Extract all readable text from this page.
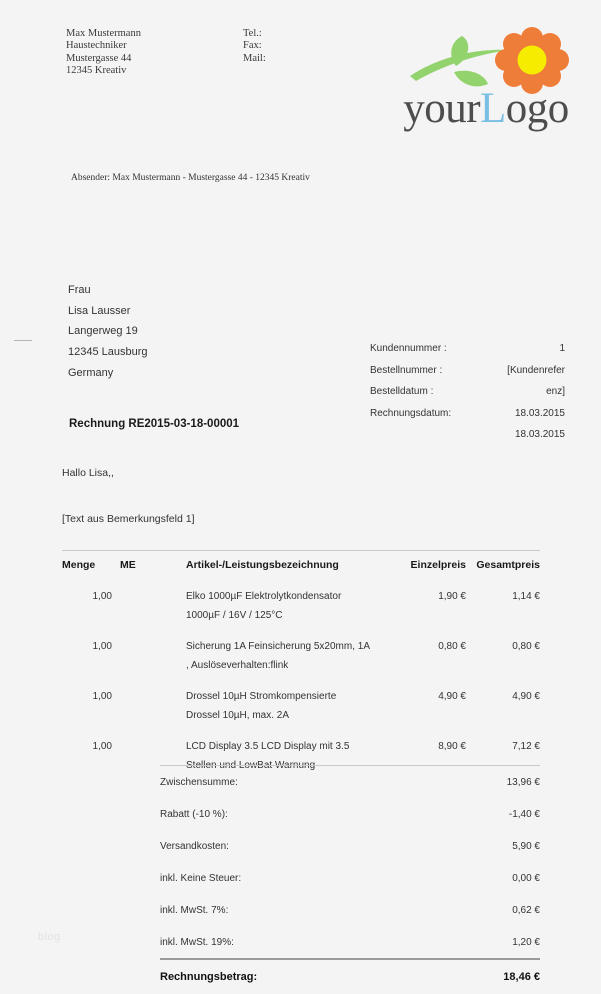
Max Mustermann
Haustechniker
Mustergasse 44
12345 Kreativ
Tel.:
Fax:
Mail:
yourLogo
Absender: Max Mustermann - Mustergasse 44 - 12345 Kreativ
Frau
Lisa Lausser
Langerweg 19
12345 Lausburg
Germany
Kundennummer :	1
Bestellnummer :	[Kundenrefer
Bestelldatum :	enz]
Rechnungsdatum:	18.03.2015
18.03.2015
Rechnung RE2015-03-18-00001
Hallo Lisa,,
[Text aus Bemerkungsfeld 1]
Menge	ME	Artikel-/Leistungsbezeichnung	Einzelpreis	Gesamtpreis
1,00		Elko 1000µF Elektrolytkondensator 1000µF / 16V / 125°C	1,90 €	1,14 €
1,00		Sicherung 1A Feinsicherung 5x20mm, 1A , Auslöseverhalten:flink	0,80 €	0,80 €
1,00		Drossel 10µH Stromkompensierte Drossel 10µH, max. 2A	4,90 €	4,90 €
1,00		LCD Display 3.5 LCD Display mit 3.5 Stellen und LowBat Warnung	8,90 €	7,12 €
Zwischensumme:	13,96 €
Rabatt (-10 %):	-1,40 €
Versandkosten:	5,90 €
inkl. Keine Steuer:	0,00 €
inkl. MwSt. 7%:	0,62 €
inkl. MwSt. 19%:	1,20 €
Rechnungsbetrag:	18,46 €
blog
